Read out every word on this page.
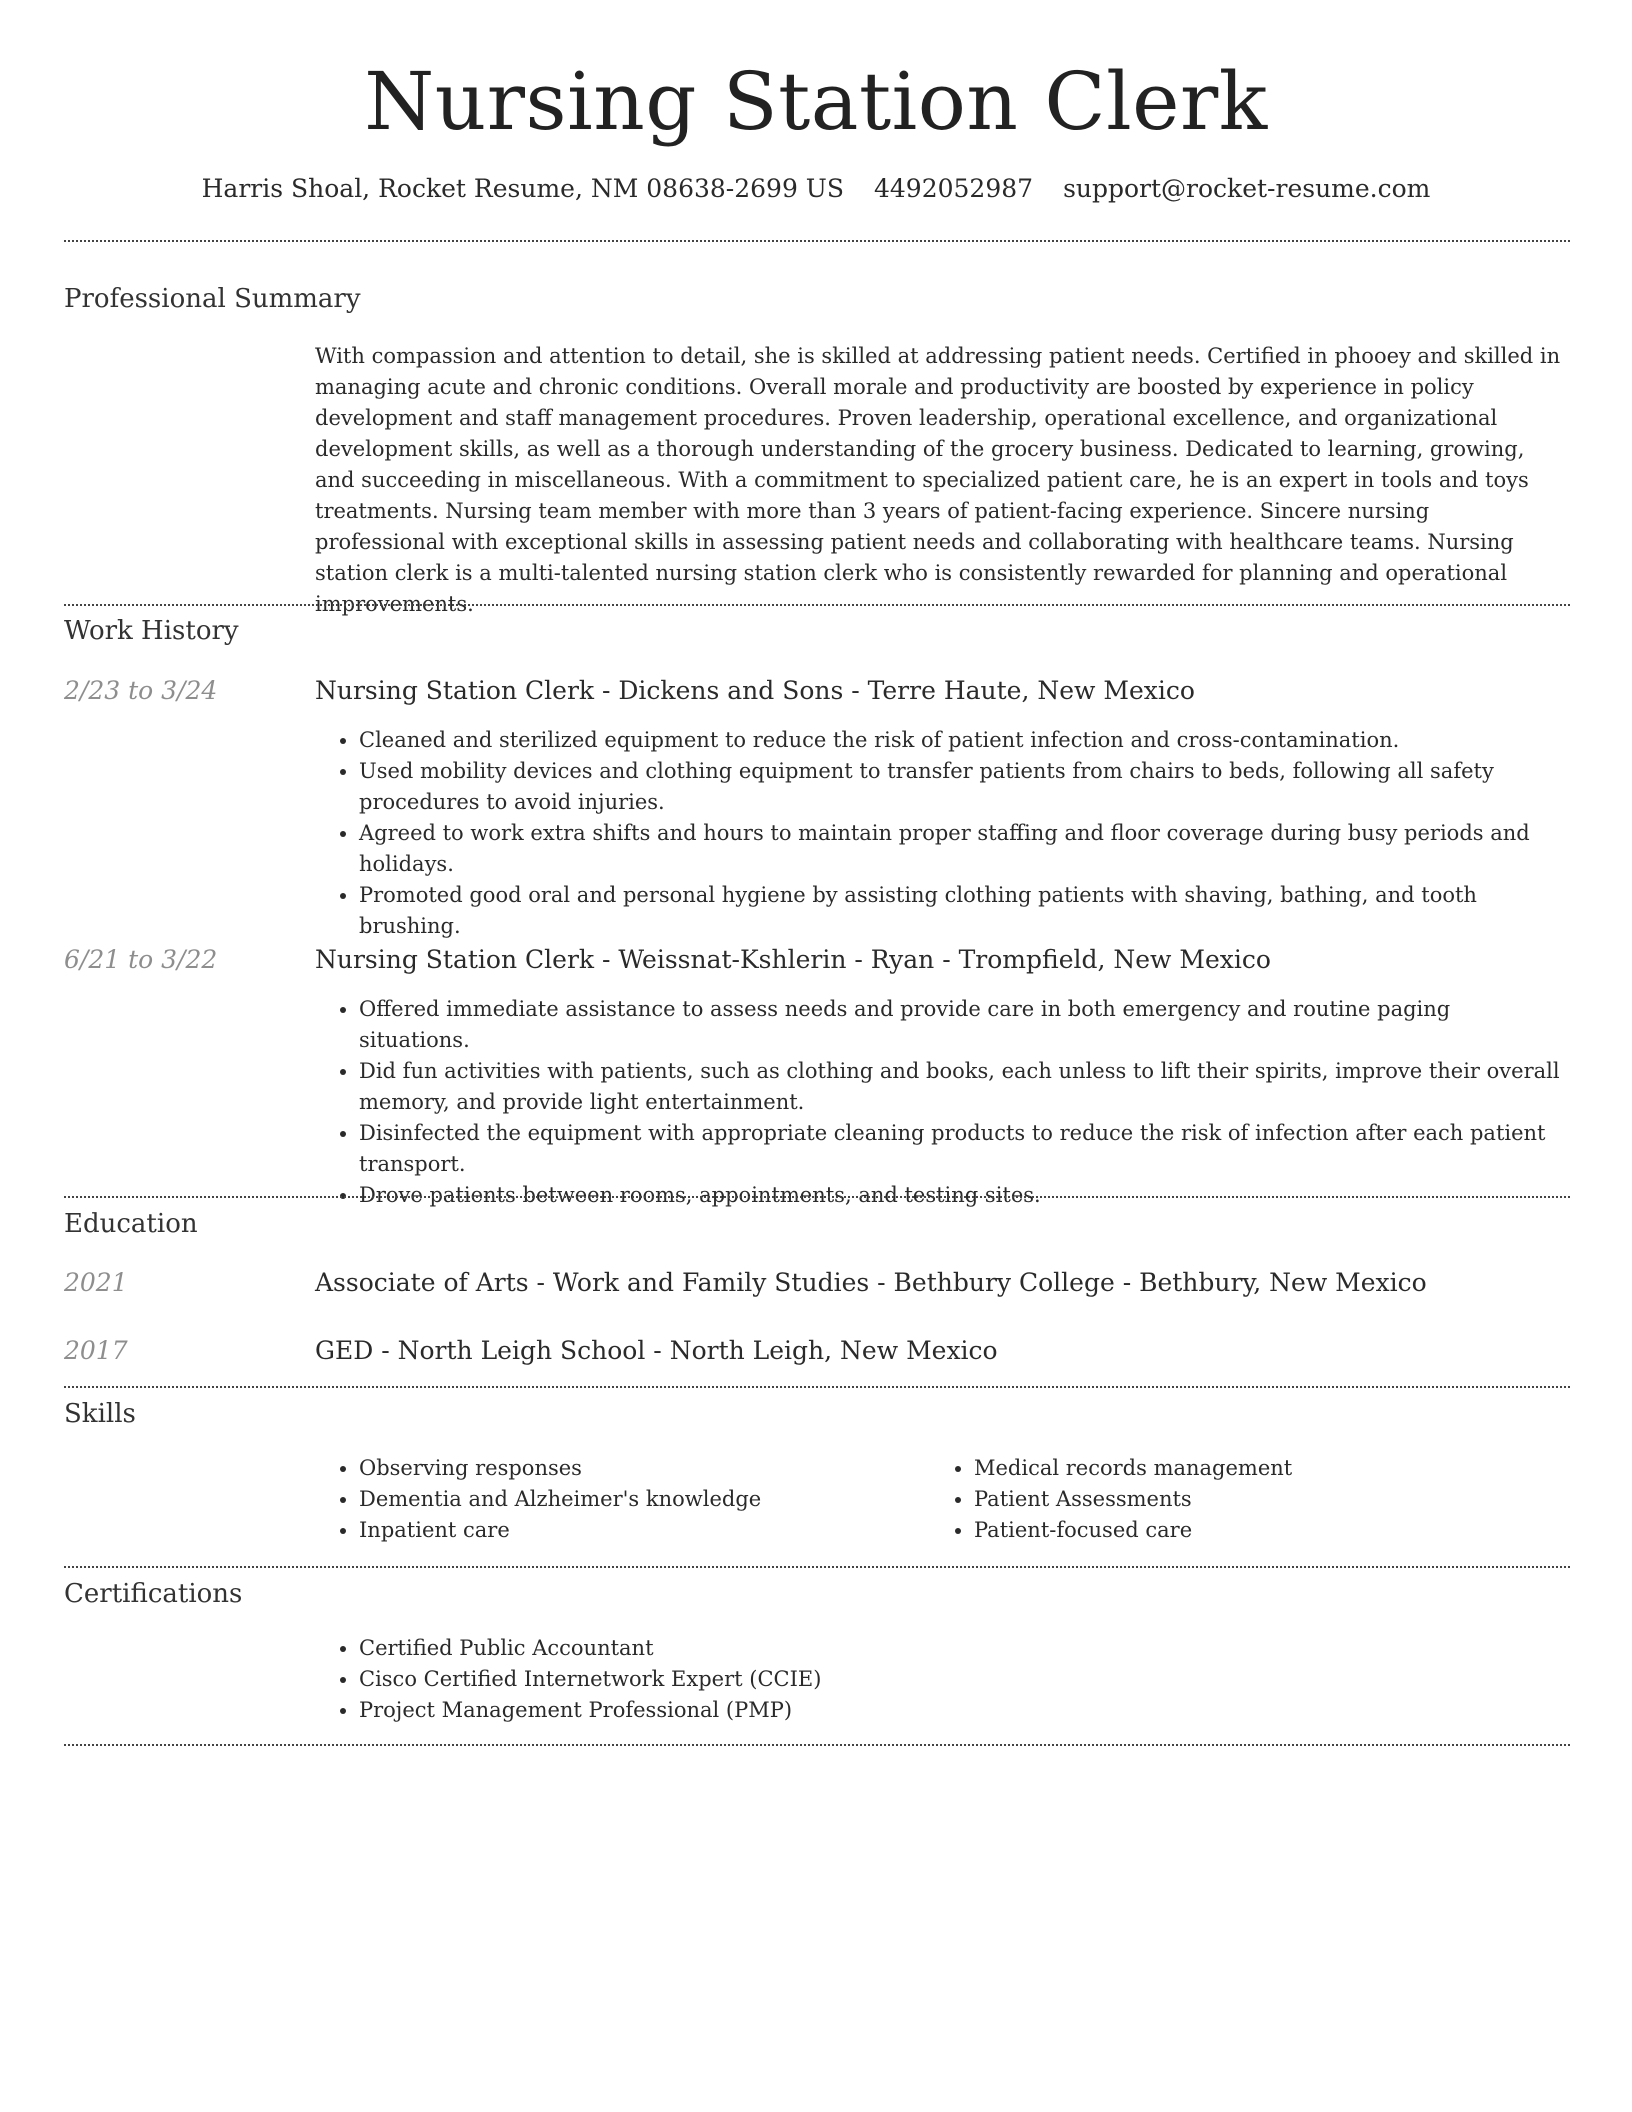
Nursing Station Clerk
Harris Shoal, Rocket Resume, NM 08638-2699 US 4492052987 support@rocket-resume.com
Professional Summary

With compassion and attention to detail, she is skilled at addressing patient needs. Certified in phooey and skilled in managing acute and chronic conditions. Overall morale and productivity are boosted by experience in policy development and staff management procedures. Proven leadership, operational excellence, and organizational development skills, as well as a thorough understanding of the grocery business. Dedicated to learning, growing, and succeeding in miscellaneous. With a commitment to specialized patient care, he is an expert in tools and toys treatments. Nursing team member with more than 3 years of patient-facing experience. Sincere nursing professional with exceptional skills in assessing patient needs and collaborating with healthcare teams. Nursing station clerk is a multi-talented nursing station clerk who is consistently rewarded for planning and operational improvements.

Work History
2/23 to 3/24	Nursing Station Clerk - Dickens and Sons - Terre Haute, New Mexico
• Cleaned and sterilized equipment to reduce the risk of patient infection and cross-contamination.
• Used mobility devices and clothing equipment to transfer patients from chairs to beds, following all safety procedures to avoid injuries.
• Agreed to work extra shifts and hours to maintain proper staffing and floor coverage during busy periods and holidays.
• Promoted good oral and personal hygiene by assisting clothing patients with shaving, bathing, and tooth brushing.
6/21 to 3/22	Nursing Station Clerk - Weissnat-Kshlerin - Ryan - Trompfield, New Mexico
• Offered immediate assistance to assess needs and provide care in both emergency and routine paging situations.
• Did fun activities with patients, such as clothing and books, each unless to lift their spirits, improve their overall memory, and provide light entertainment.
• Disinfected the equipment with appropriate cleaning products to reduce the risk of infection after each patient transport.
• Drove patients between rooms, appointments, and testing sites.
Education
2021	Associate of Arts - Work and Family Studies - Bethbury College - Bethbury, New Mexico
2017	GED - North Leigh School - North Leigh, New Mexico
Skills
• Observing responses
• Dementia and Alzheimer's knowledge
• Inpatient care
• Medical records management
• Patient Assessments
• Patient-focused care
Certifications
• Certified Public Accountant
• Cisco Certified Internetwork Expert (CCIE)
• Project Management Professional (PMP)
